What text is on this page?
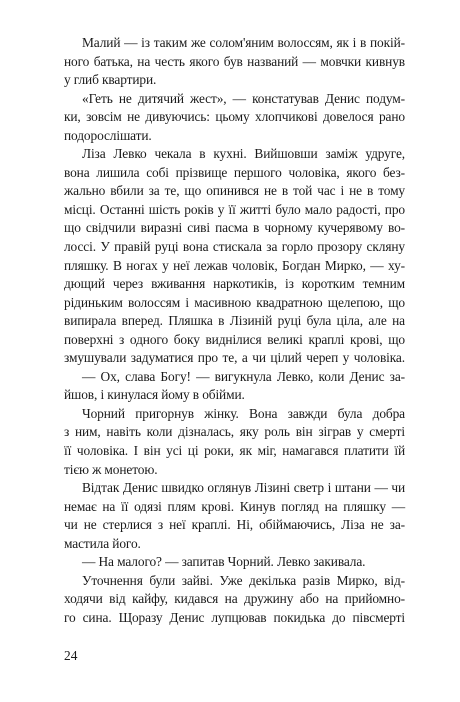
Малий — із таким же солом'яним волоссям, як і в покій-
ного батька, на честь якого був названий — мовчки кивнув
у глиб квартири.
«Геть не дитячий жест», — констатував Денис подум-
ки, зовсім не дивуючись: цьому хлопчикові довелося рано
подорослішати.
Ліза Левко чекала в кухні. Вийшовши заміж удруге,
вона лишила собі прізвище першого чоловіка, якого без-
жально вбили за те, що опинився не в той час і не в тому
місці. Останні шість років у її житті було мало радості, про
що свідчили виразні сиві пасма в чорному кучерявому во-
лоссі. У правій руці вона стискала за горло прозору скляну
пляшку. В ногах у неї лежав чоловік, Богдан Мирко, — ху-
дющий через вживання наркотиків, із коротким темним
рідиньким волоссям і масивною квадратною щелепою, що
випирала вперед. Пляшка в Лізиній руці була ціла, але на
поверхні з одного боку виднілися великі краплі крові, що
змушували задуматися про те, а чи цілий череп у чоловіка.
— Ох, слава Богу! — вигукнула Левко, коли Денис за-
йшов, і кинулася йому в обійми.
Чорний пригорнув жінку. Вона завжди була добра
з ним, навіть коли дізналась, яку роль він зіграв у смерті
її чоловіка. І він усі ці роки, як міг, намагався платити їй
тією ж монетою.
Відтак Денис швидко оглянув Лізині светр і штани — чи
немає на її одязі плям крові. Кинув погляд на пляшку —
чи не стерлися з неї краплі. Ні, обіймаючись, Ліза не за-
мастила його.
— На малого? — запитав Чорний. Левко закивала.
Уточнення були зайві. Уже декілька разів Мирко, від-
ходячи від кайфу, кидався на дружину або на прийомно-
го сина. Щоразу Денис лупцював покидька до півсмерті
24
